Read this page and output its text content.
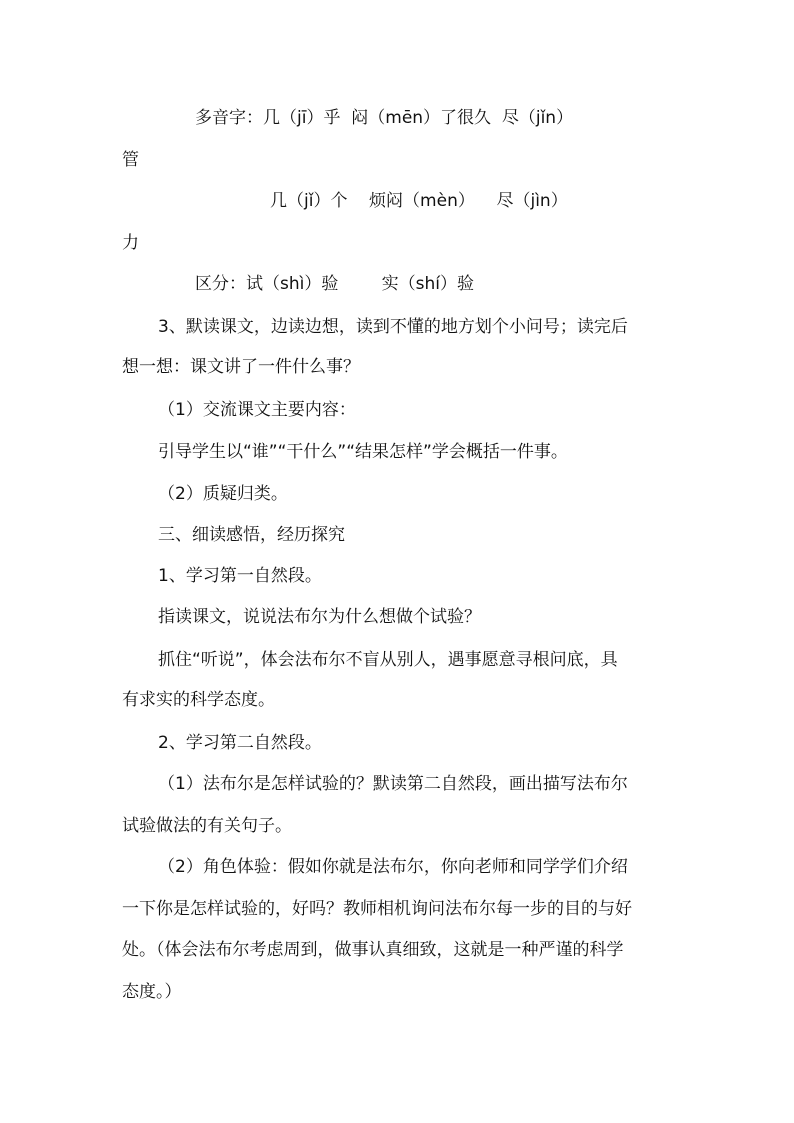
多音字：几（jī）乎  闷（mēn）了很久  尽（jǐn）

管

几（jǐ）个    烦闷（mèn）    尽（jìn）

力

区分：试（shì）验        实（shí）验

3、默读课文，边读边想，读到不懂的地方划个小问号；读完后

想一想：课文讲了一件什么事？

（1）交流课文主要内容：

引导学生以“谁”“干什么”“结果怎样”学会概括一件事。

（2）质疑归类。

三、细读感悟，经历探究

1、学习第一自然段。

指读课文，说说法布尔为什么想做个试验？

抓住“听说”，体会法布尔不盲从别人，遇事愿意寻根问底，具

有求实的科学态度。

2、学习第二自然段。

（1）法布尔是怎样试验的？默读第二自然段，画出描写法布尔

试验做法的有关句子。

（2）角色体验：假如你就是法布尔，你向老师和同学学们介绍

一下你是怎样试验的，好吗？教师相机询问法布尔每一步的目的与好

处。（体会法布尔考虑周到，做事认真细致，这就是一种严谨的科学

态度。）
